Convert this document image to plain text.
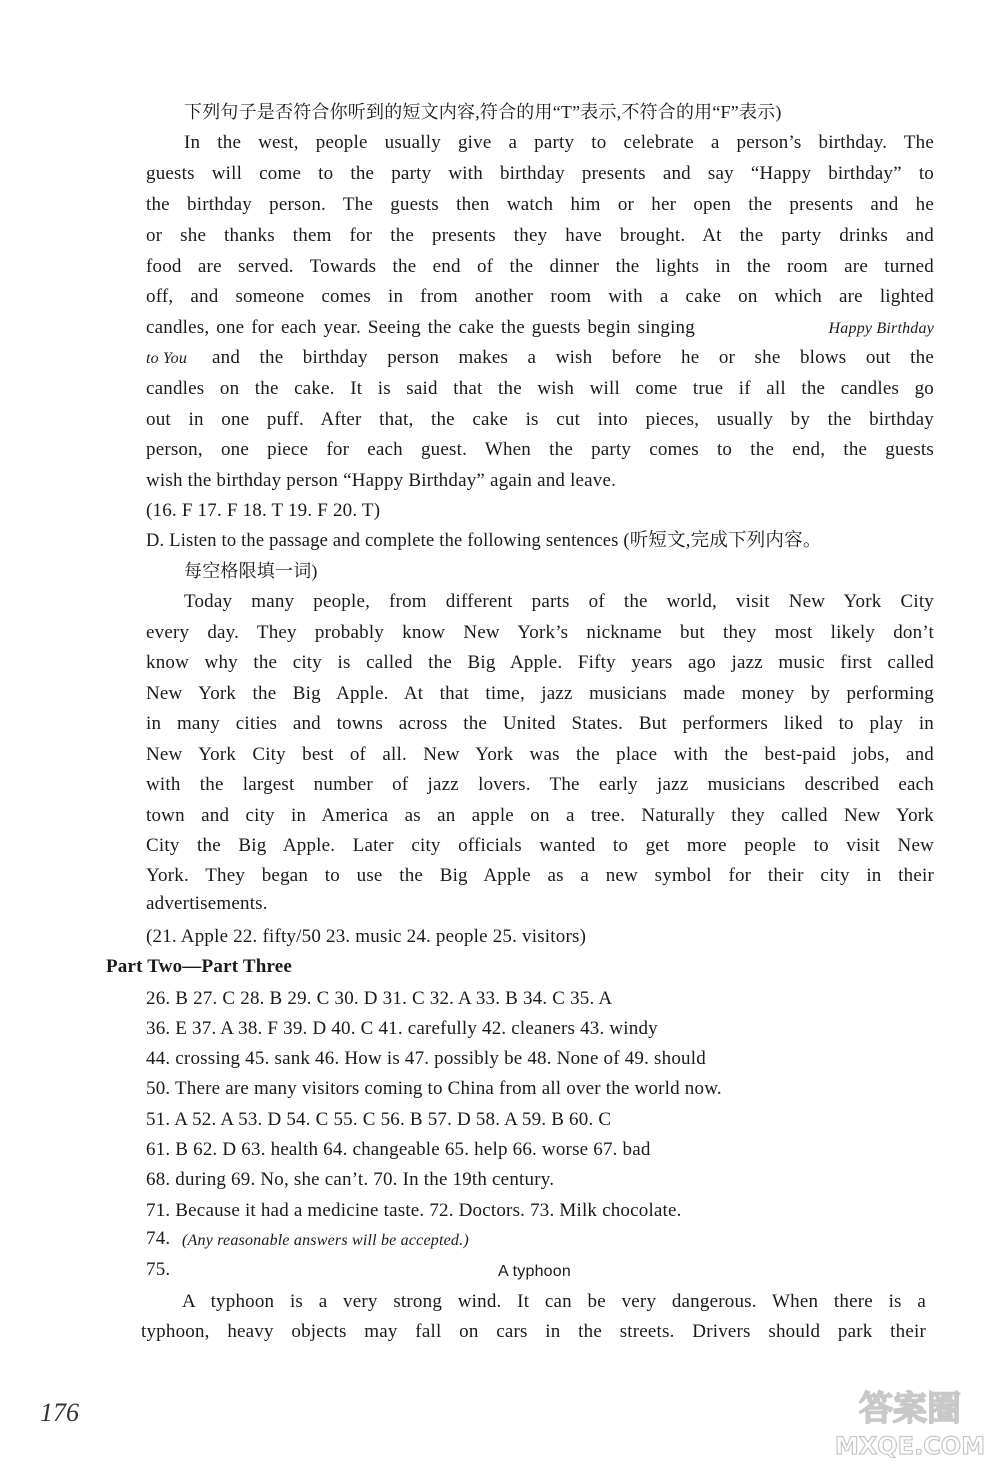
下列句子是否符合你听到的短文内容,符合的用“T”表示,不符合的用“F”表示)
In the west, people usually give a party to celebrate a person’s birthday. The
guests will come to the party with birthday presents and say “Happy birthday” to
the birthday person. The guests then watch him or her open the presents and he
or she thanks them for the presents they have brought. At the party drinks and
food are served. Towards the end of the dinner the lights in the room are turned
off, and someone comes in from another room with a cake on which are lighted
candles, one for each year. Seeing the cake the guests begin singing	Happy Birthday
to You and the birthday person makes a wish before he or she blows out the
candles on the cake. It is said that the wish will come true if all the candles go
out in one puff. After that, the cake is cut into pieces, usually by the birthday
person, one piece for each guest. When the party comes to the end, the guests
wish the birthday person “Happy Birthday” again and leave.
(16. F 17. F 18. T 19. F 20. T)
D. Listen to the passage and complete the following sentences (听短文,完成下列内容。
每空格限填一词)
Today many people, from different parts of the world, visit New York City
every day. They probably know New York’s nickname but they most likely don’t
know why the city is called the Big Apple. Fifty years ago jazz music first called
New York the Big Apple. At that time, jazz musicians made money by performing
in many cities and towns across the United States. But performers liked to play in
New York City best of all. New York was the place with the best-paid jobs, and
with the largest number of jazz lovers. The early jazz musicians described each
town and city in America as an apple on a tree. Naturally they called New York
City the Big Apple. Later city officials wanted to get more people to visit New
York. They began to use the Big Apple as a new symbol for their city in their
advertisements.
(21. Apple 22. fifty/50 23. music 24. people 25. visitors)
Part Two—Part Three
26. B 27. C 28. B 29. C 30. D 31. C 32. A 33. B 34. C 35. A
36. E 37. A 38. F 39. D 40. C 41. carefully 42. cleaners 43. windy
44. crossing 45. sank 46. How is 47. possibly be 48. None of 49. should
50. There are many visitors coming to China from all over the world now.
51. A 52. A 53. D 54. C 55. C 56. B 57. D 58. A 59. B 60. C
61. B 62. D 63. health 64. changeable 65. help 66. worse 67. bad
68. during 69. No, she can’t. 70. In the 19th century.
71. Because it had a medicine taste. 72. Doctors. 73. Milk chocolate.
74. (Any reasonable answers will be accepted.)
75.	A typhoon
A typhoon is a very strong wind. It can be very dangerous. When there is a
typhoon, heavy objects may fall on cars in the streets. Drivers should park their
176	答案圈
MXQE.COM
